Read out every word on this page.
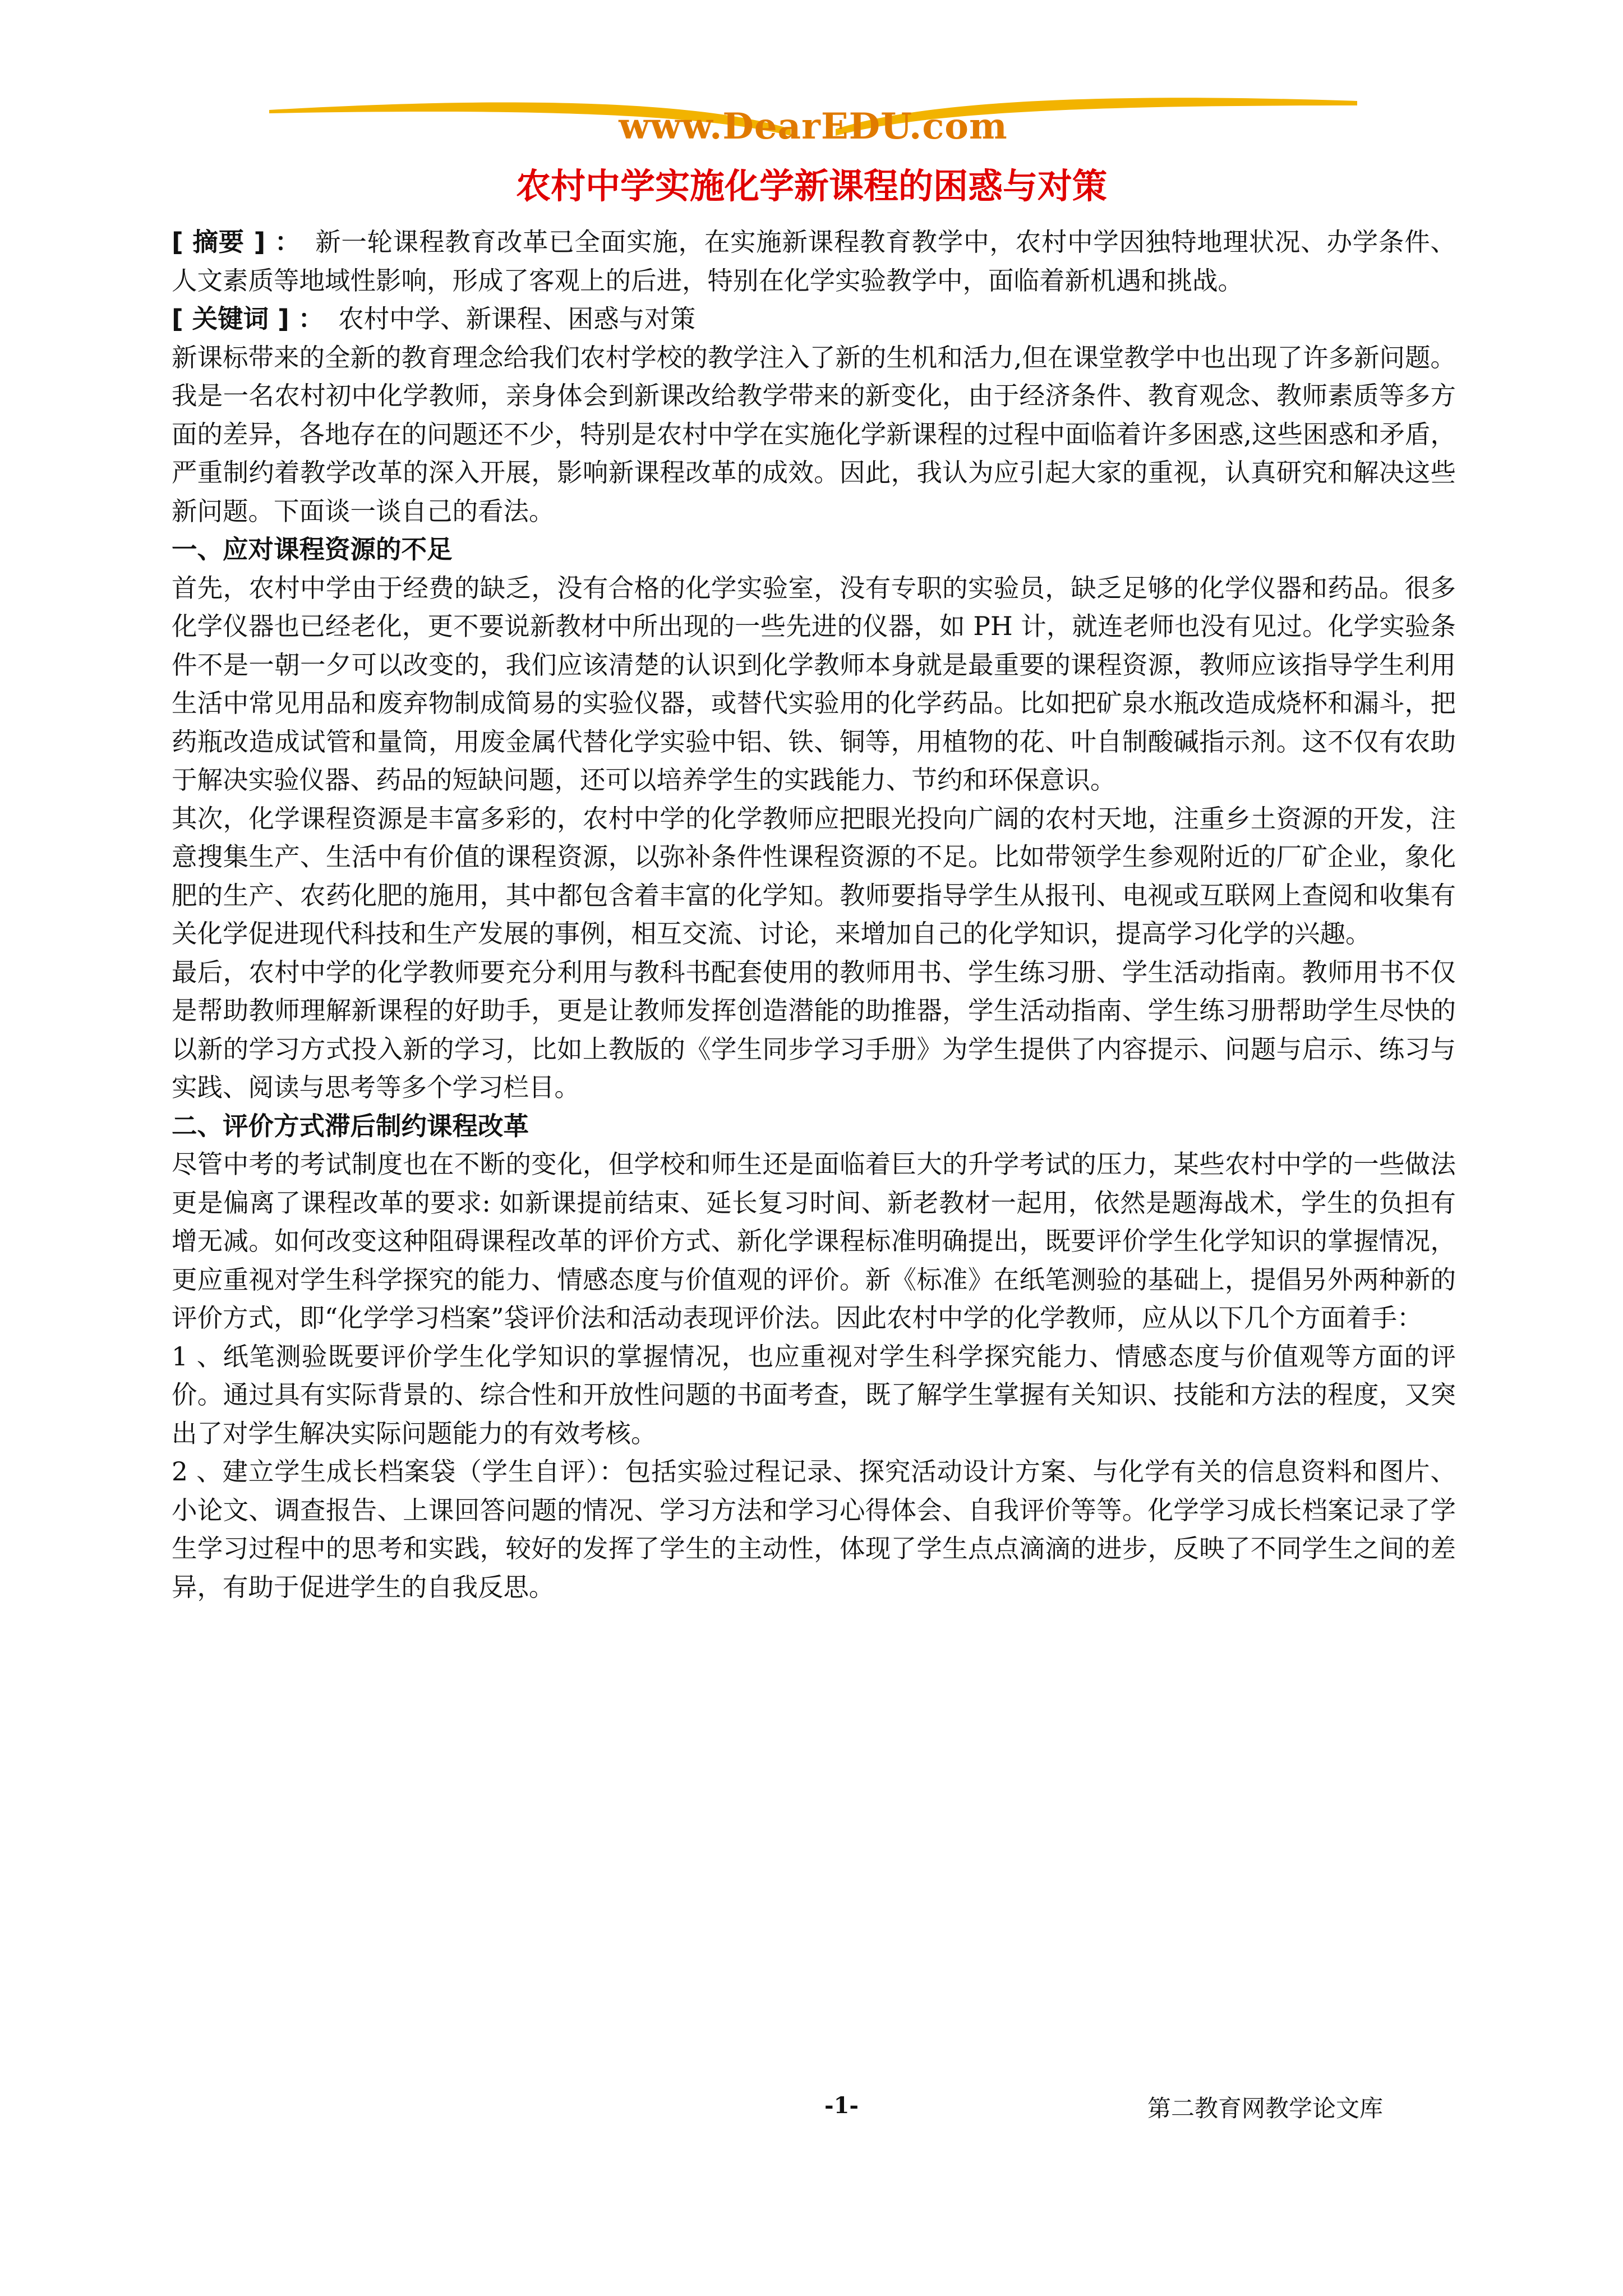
www.DearEDU.com
农村中学实施化学新课程的困惑与对策

[ 摘要 ] ： 新一轮课程教育改革已全面实施，在实施新课程教育教学中，农村中学因独特地理状况、办学条件、人文素质等地域性影响，形成了客观上的后进，特别在化学实验教学中，面临着新机遇和挑战。

[ 关键词 ] ： 农村中学、新课程、困惑与对策

新课标带来的全新的教育理念给我们农村学校的教学注入了新的生机和活力,但在课堂教学中也出现了许多新问题。我是一名农村初中化学教师，亲身体会到新课改给教学带来的新变化，由于经济条件、教育观念、教师素质等多方面的差异，各地存在的问题还不少，特别是农村中学在实施化学新课程的过程中面临着许多困惑,这些困惑和矛盾，严重制约着教学改革的深入开展，影响新课程改革的成效。因此，我认为应引起大家的重视，认真研究和解决这些新问题。下面谈一谈自己的看法。

一、应对课程资源的不足

首先，农村中学由于经费的缺乏，没有合格的化学实验室，没有专职的实验员，缺乏足够的化学仪器和药品。很多化学仪器也已经老化，更不要说新教材中所出现的一些先进的仪器，如 PH 计，就连老师也没有见过。化学实验条件不是一朝一夕可以改变的，我们应该清楚的认识到化学教师本身就是最重要的课程资源，教师应该指导学生利用生活中常见用品和废弃物制成简易的实验仪器，或替代实验用的化学药品。比如把矿泉水瓶改造成烧杯和漏斗，把药瓶改造成试管和量筒，用废金属代替化学实验中铝、铁、铜等，用植物的花、叶自制酸碱指示剂。这不仅有农助于解决实验仪器、药品的短缺问题，还可以培养学生的实践能力、节约和环保意识。

其次，化学课程资源是丰富多彩的，农村中学的化学教师应把眼光投向广阔的农村天地，注重乡土资源的开发，注意搜集生产、生活中有价值的课程资源，以弥补条件性课程资源的不足。比如带领学生参观附近的厂矿企业，象化肥的生产、农药化肥的施用，其中都包含着丰富的化学知。教师要指导学生从报刊、电视或互联网上查阅和收集有关化学促进现代科技和生产发展的事例，相互交流、讨论，来增加自己的化学知识，提高学习化学的兴趣。

最后，农村中学的化学教师要充分利用与教科书配套使用的教师用书、学生练习册、学生活动指南。教师用书不仅是帮助教师理解新课程的好助手，更是让教师发挥创造潜能的助推器，学生活动指南、学生练习册帮助学生尽快的以新的学习方式投入新的学习，比如上教版的《学生同步学习手册》为学生提供了内容提示、问题与启示、练习与实践、阅读与思考等多个学习栏目。

二、评价方式滞后制约课程改革

尽管中考的考试制度也在不断的变化，但学校和师生还是面临着巨大的升学考试的压力，某些农村中学的一些做法更是偏离了课程改革的要求: 如新课提前结束、延长复习时间、新老教材一起用，依然是题海战术，学生的负担有增无减。如何改变这种阻碍课程改革的评价方式、新化学课程标准明确提出，既要评价学生化学知识的掌握情况，更应重视对学生科学探究的能力、情感态度与价值观的评价。新《标准》在纸笔测验的基础上，提倡另外两种新的评价方式，即“化学学习档案”袋评价法和活动表现评价法。因此农村中学的化学教师，应从以下几个方面着手：

1 、纸笔测验既要评价学生化学知识的掌握情况，也应重视对学生科学探究能力、情感态度与价值观等方面的评价。通过具有实际背景的、综合性和开放性问题的书面考查，既了解学生掌握有关知识、技能和方法的程度，又突出了对学生解决实际问题能力的有效考核。

2 、建立学生成长档案袋（学生自评）：包括实验过程记录、探究活动设计方案、与化学有关的信息资料和图片、小论文、调查报告、上课回答问题的情况、学习方法和学习心得体会、自我评价等等。化学学习成长档案记录了学生学习过程中的思考和实践，较好的发挥了学生的主动性，体现了学生点点滴滴的进步，反映了不同学生之间的差异，有助于促进学生的自我反思。

-1-	第二教育网教学论文库
